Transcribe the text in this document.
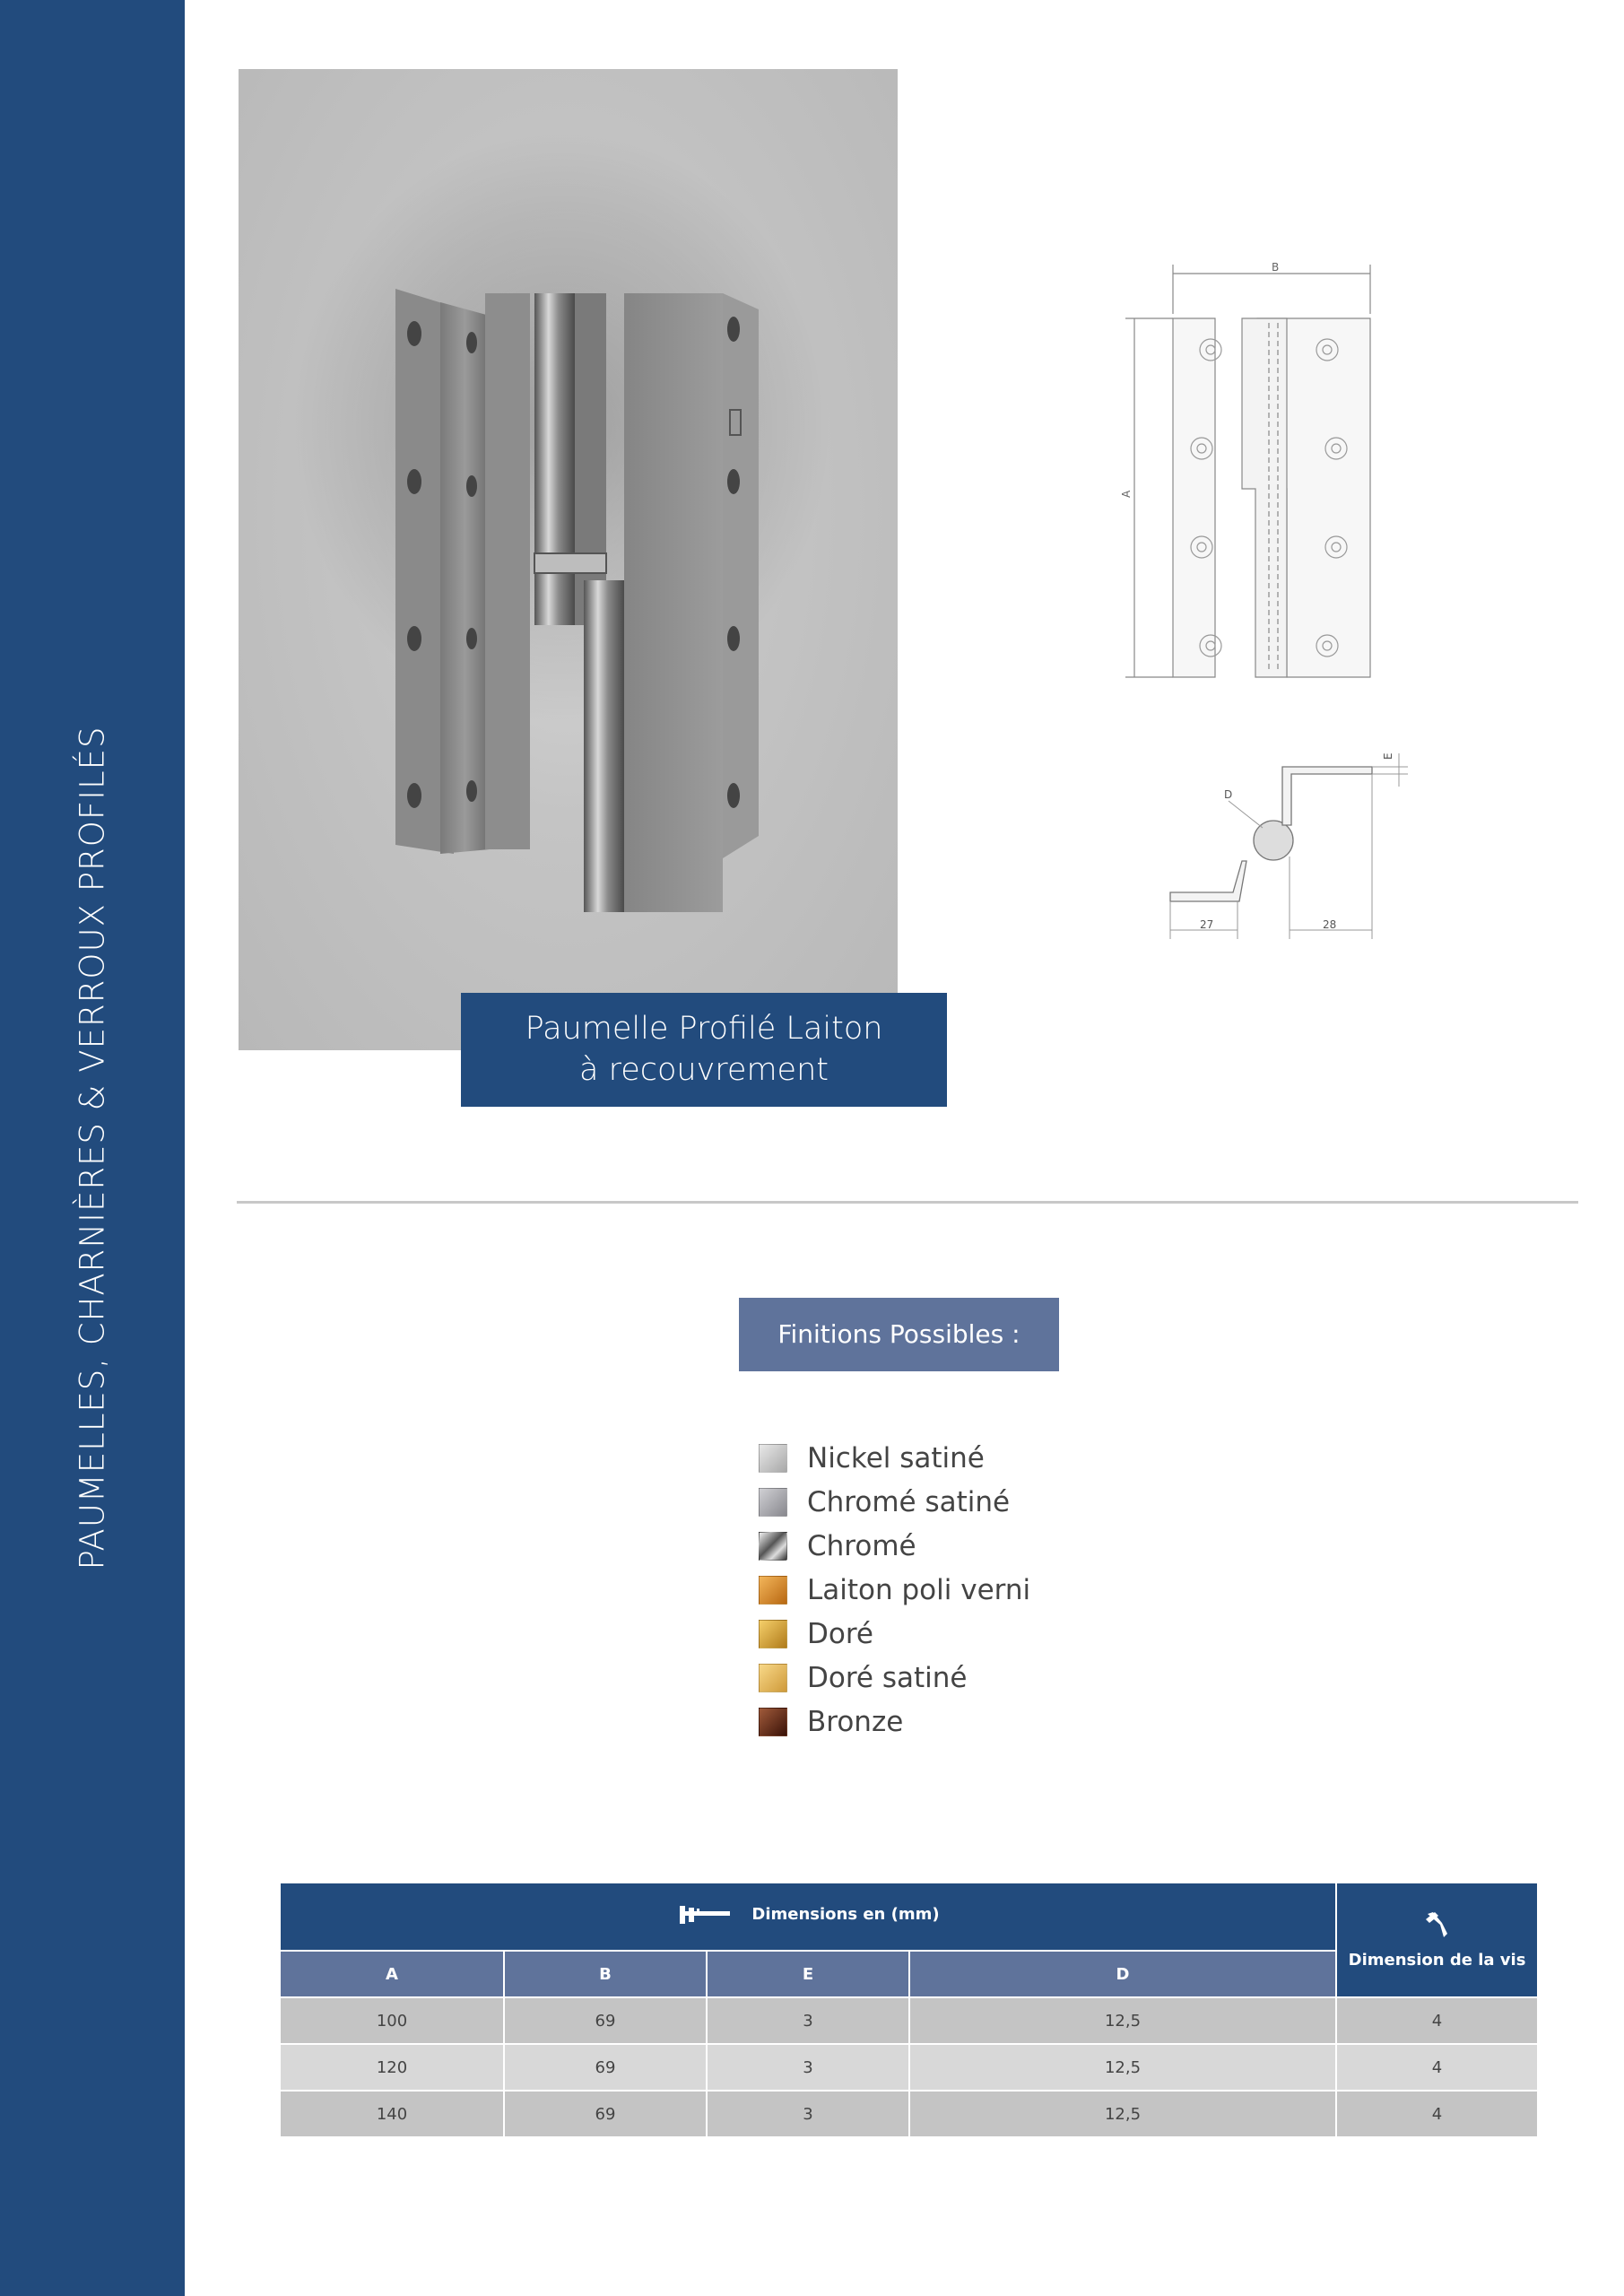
PAUMELLES, CHARNIÈRES & VERROUX PROFILÉS	Paumelle Profilé Laiton
à recouvrement
B
A
27	28
D
E
Finitions Possibles :
Nickel satiné
Chromé satiné
Chromé
Laiton poli verni
Doré
Doré satiné
Bronze
Dimensions en (mm)				Dimension de la vis
A	B	E	D	
100	69	3	12,5	4
120	69	3	12,5	4
140	69	3	12,5	4
